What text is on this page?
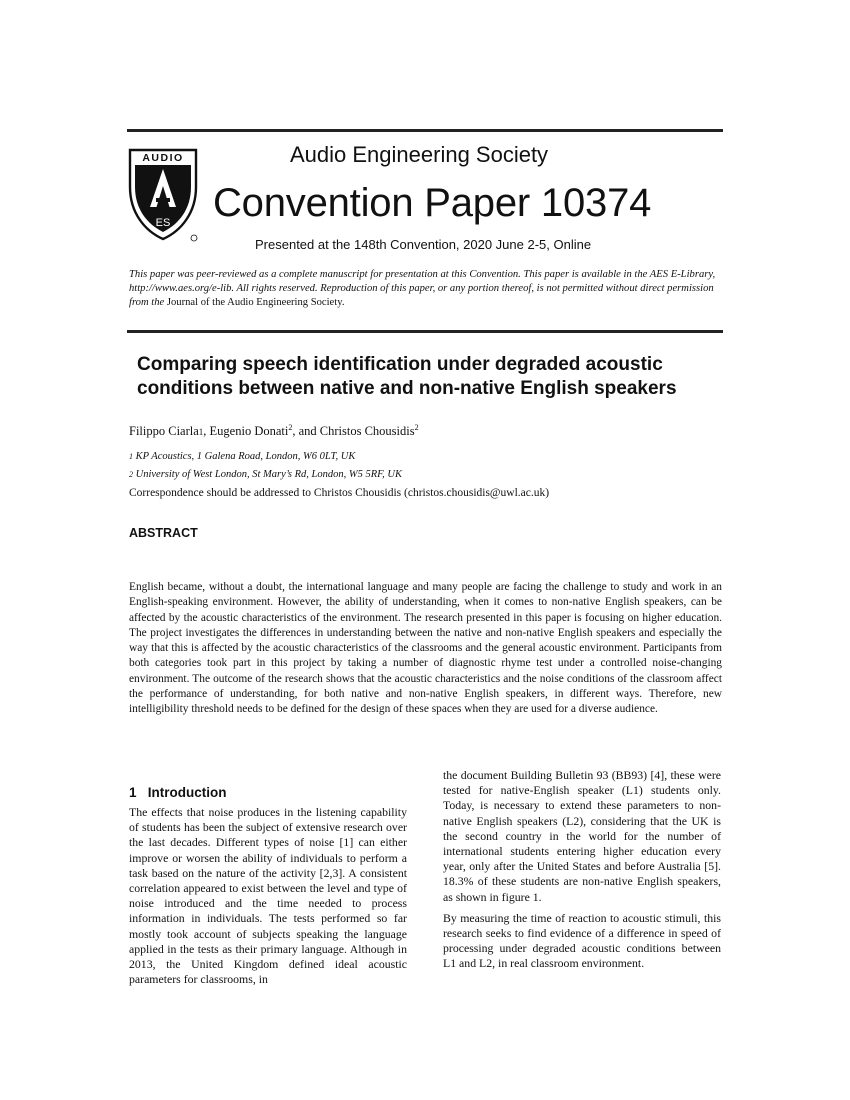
AUDIO
ES
Audio Engineering Society
Convention Paper 10374
Presented at the 148th Convention, 2020 June 2-5, Online
This paper was peer-reviewed as a complete manuscript for presentation at this Convention. This paper is available in the AES E-Library, http://www.aes.org/e-lib. All rights reserved. Reproduction of this paper, or any portion thereof, is not permitted without direct permission from the Journal of the Audio Engineering Society.
Comparing speech identification under degraded acoustic conditions between native and non-native English speakers
Filippo Ciarla1, Eugenio Donati$^2$, and Christos Chousidis$^2$
1 KP Acoustics, 1 Galena Road, London, W6 0LT, UK
2 University of West London, St Mary’s Rd, London, W5 5RF, UK
Correspondence should be addressed to Christos Chousidis (christos.chousidis@uwl.ac.uk)
ABSTRACT
English became, without a doubt, the international language and many people are facing the challenge to study and work in an English-speaking environment. However, the ability of understanding, when it comes to non-native English speakers, can be affected by the acoustic characteristics of the environment. The research presented in this paper is focusing on higher education. The project investigates the differences in understanding between the native and non-native English speakers and especially the way that this is affected by the acoustic characteristics of the classrooms and the general acoustic environment. Participants from both categories took part in this project by taking a number of diagnostic rhyme test under a controlled noise-changing environment. The outcome of the research shows that the acoustic characteristics and the noise conditions of the classroom affect the performance of understanding, for both native and non-native English speakers, in different ways. Therefore, new intelligibility threshold needs to be defined for the design of these spaces when they are used for a diverse audience.
1   Introduction

The effects that noise produces in the listening capability of students has been the subject of extensive research over the last decades. Different types of noise [1] can either improve or worsen the ability of individuals to perform a task based on the nature of the activity [2,3]. A consistent correlation appeared to exist between the level and type of noise introduced and the time needed to process information in individuals. The tests performed so far mostly took account of subjects speaking the language applied in the tests as their primary language. Although in 2013, the United Kingdom defined ideal acoustic parameters for classrooms, in

the document Building Bulletin 93 (BB93) [4], these were tested for native-English speaker (L1) students only. Today, is necessary to extend these parameters to non-native English speakers (L2), considering that the UK is the second country in the world for the number of international students entering higher education every year, only after the United States and before Australia [5]. 18.3% of these students are non-native English speakers, as shown in figure 1.

By measuring the time of reaction to acoustic stimuli, this research seeks to find evidence of a difference in speed of processing under degraded acoustic conditions between L1 and L2, in real classroom environment.
